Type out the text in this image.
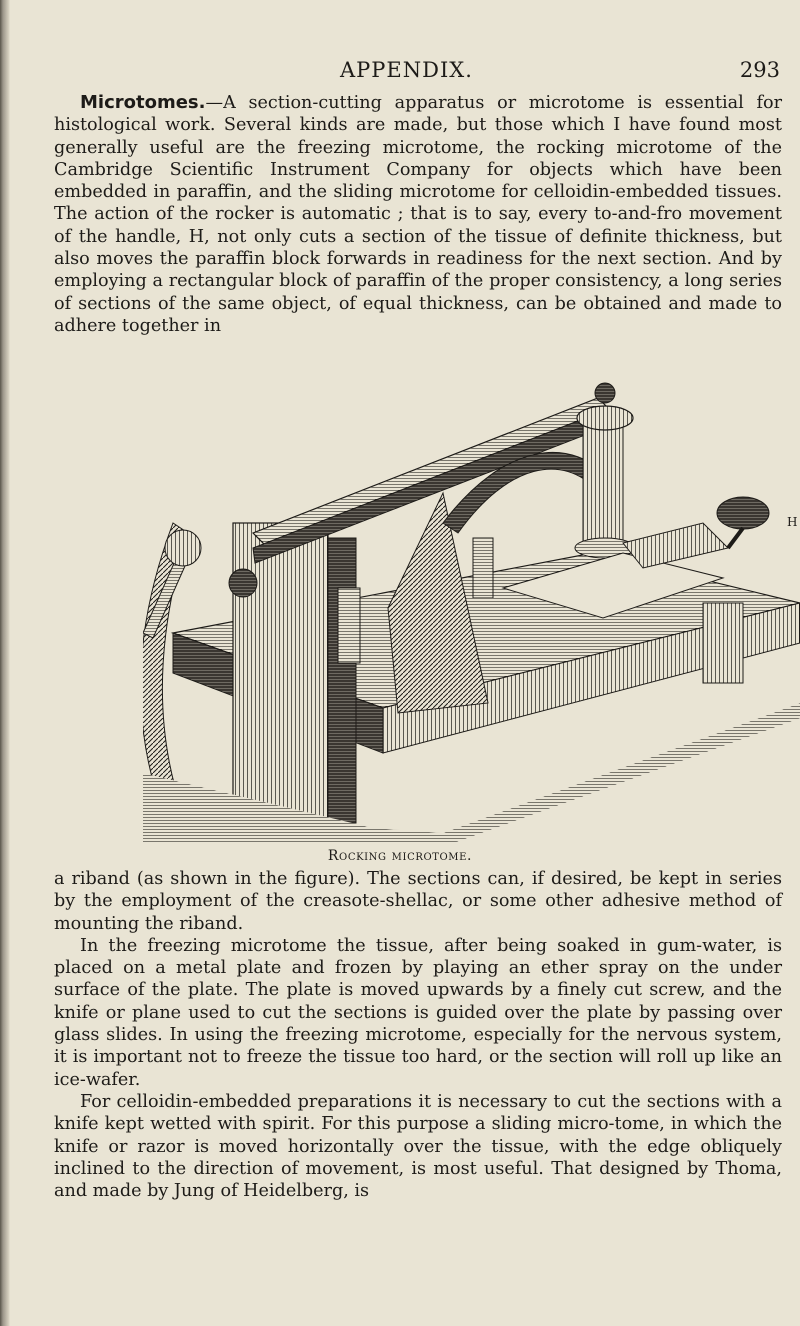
APPENDIX.	293

Microtomes.—A section-cutting apparatus or microtome is essential for histological work. Several kinds are made, but those which I have found most generally useful are the freezing microtome, the rocking microtome of the Cambridge Scientific Instrument Company for objects which have been embedded in paraffin, and the sliding microtome for celloidin-embedded tissues. The action of the rocker is automatic ; that is to say, every to-and-fro movement of the handle, H, not only cuts a section of the tissue of definite thickness, but also moves the paraffin block forwards in readiness for the next section. And by employing a rectangular block of paraffin of the proper consistency, a long series of sections of the same object, of equal thickness, can be obtained and made to adhere together in

H
Rocking microtome.

a riband (as shown in the figure). The sections can, if desired, be kept in series by the employment of the creasote-shellac, or some other adhesive method of mounting the riband.

In the freezing microtome the tissue, after being soaked in gum-water, is placed on a metal plate and frozen by playing an ether spray on the under surface of the plate. The plate is moved upwards by a finely cut screw, and the knife or plane used to cut the sections is guided over the plate by passing over glass slides. In using the freezing microtome, especially for the nervous system, it is important not to freeze the tissue too hard, or the section will roll up like an ice-wafer.

For celloidin-embedded preparations it is necessary to cut the sections with a knife kept wetted with spirit. For this purpose a sliding micro-tome, in which the knife or razor is moved horizontally over the tissue, with the edge obliquely inclined to the direction of movement, is most useful. That designed by Thoma, and made by Jung of Heidelberg, is
